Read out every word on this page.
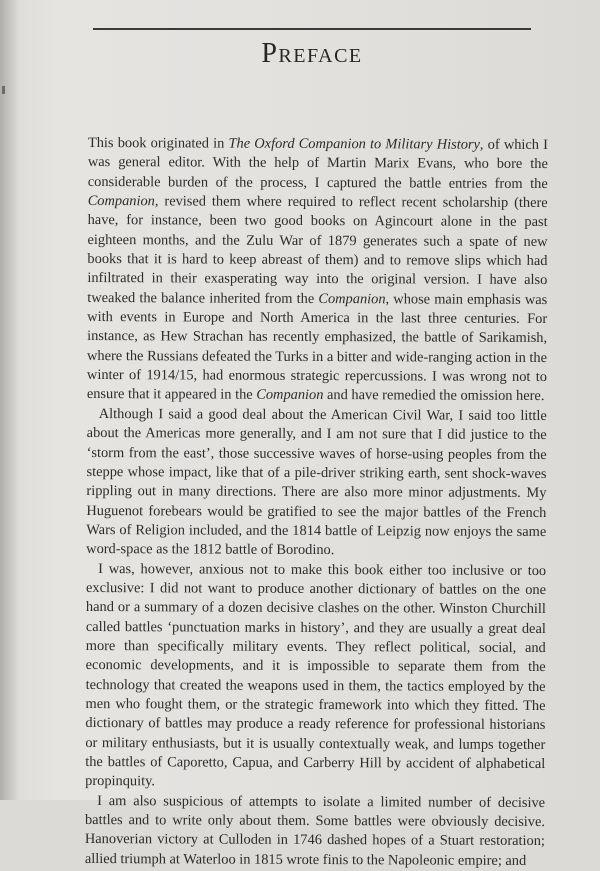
Preface

This book originated in The Oxford Companion to Military History, of which I was general editor. With the help of Martin Marix Evans, who bore the considerable burden of the process, I captured the battle entries from the Companion, revised them where required to reflect recent scholarship (there have, for instance, been two good books on Agincourt alone in the past eighteen months, and the Zulu War of 1879 generates such a spate of new books that it is hard to keep abreast of them) and to remove slips which had infiltrated in their exasperating way into the original version. I have also tweaked the balance inherited from the Companion, whose main emphasis was with events in Europe and North America in the last three centuries. For instance, as Hew Strachan has recently emphasized, the battle of Sarikamish, where the Russians defeated the Turks in a bitter and wide-ranging action in the winter of 1914/15, had enormous strategic repercussions. I was wrong not to ensure that it appeared in the Companion and have remedied the omission here.

Although I said a good deal about the American Civil War, I said too little about the Americas more generally, and I am not sure that I did justice to the ‘storm from the east’, those successive waves of horse-using peoples from the steppe whose impact, like that of a pile-driver striking earth, sent shock-waves rippling out in many directions. There are also more minor adjustments. My Huguenot forebears would be gratified to see the major battles of the French Wars of Religion included, and the 1814 battle of Leipzig now enjoys the same word-space as the 1812 battle of Borodino.

I was, however, anxious not to make this book either too inclusive or too exclusive: I did not want to produce another dictionary of battles on the one hand or a summary of a dozen decisive clashes on the other. Winston Churchill called battles ‘punctuation marks in history’, and they are usually a great deal more than specifically military events. They reflect political, social, and economic developments, and it is impossible to separate them from the technology that created the weapons used in them, the tactics employed by the men who fought them, or the strategic framework into which they fitted. The dictionary of battles may produce a ready reference for professional historians or military enthusiasts, but it is usually contextually weak, and lumps together the battles of Caporetto, Capua, and Carberry Hill by accident of alphabetical propinquity.

I am also suspicious of attempts to isolate a limited number of decisive battles and to write only about them. Some battles were obviously decisive. Hanoverian victory at Culloden in 1746 dashed hopes of a Stuart restoration; allied triumph at Waterloo in 1815 wrote finis to the Napoleonic empire; and
